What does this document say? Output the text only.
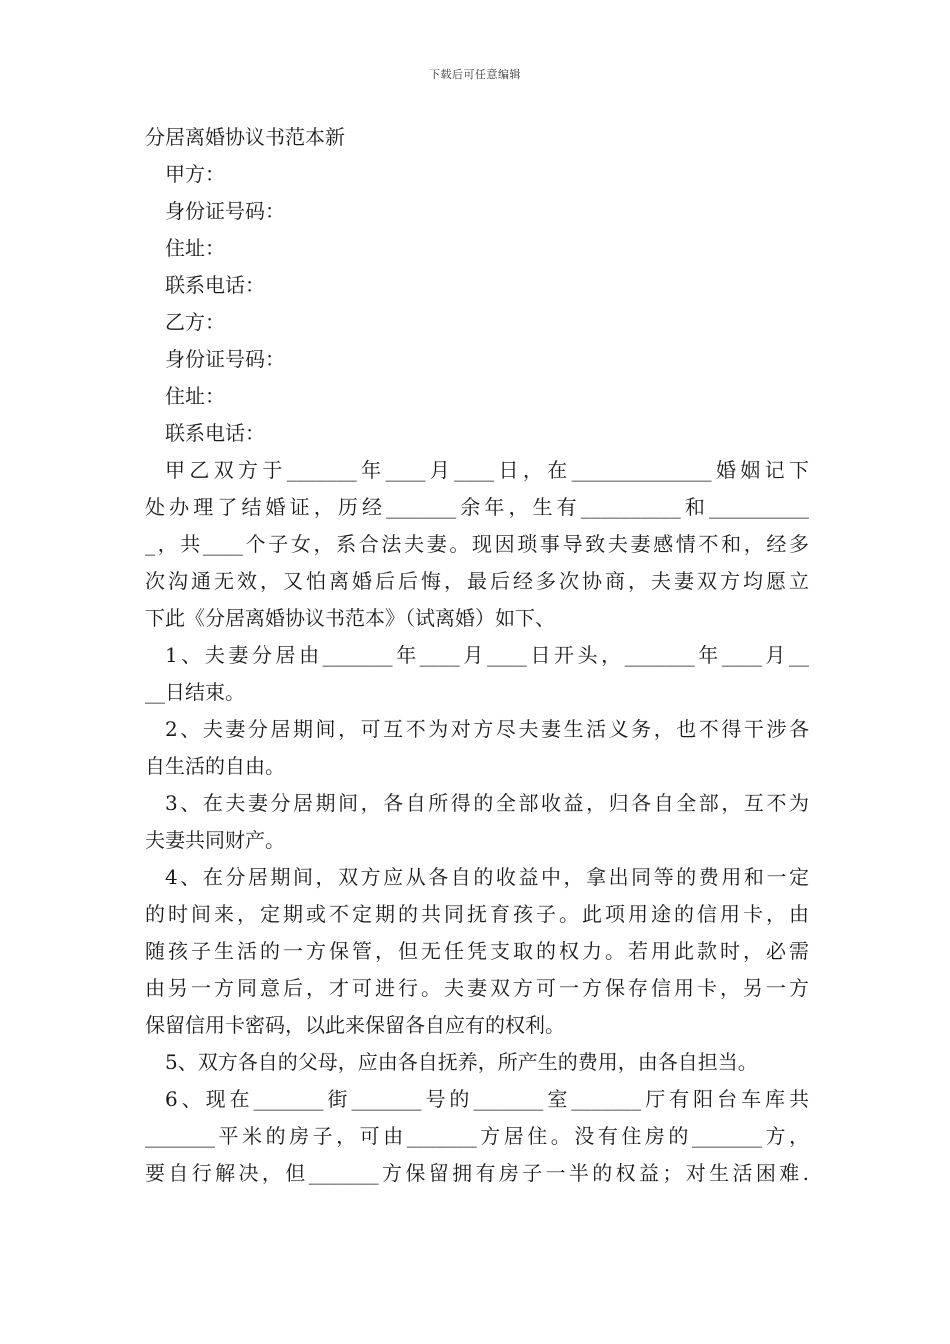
下载后可任意编辑
分居离婚协议书范本新
甲方：
身份证号码：
住址：
联系电话：
乙方：
身份证号码：
住址：
联系电话：
甲乙双方于_______年____月____日，在______________婚姻记下
处办理了结婚证，历经_______余年，生有__________和__________
_，共____个子女，系合法夫妻。现因琐事导致夫妻感情不和，经多
次沟通无效，又怕离婚后后悔，最后经多次协商，夫妻双方均愿立
下此《分居离婚协议书范本》（试离婚）如下、
1、夫妻分居由_______年____月____日开头，_______年____月__
__日结束。
2、夫妻分居期间，可互不为对方尽夫妻生活义务，也不得干涉各
自生活的自由。
3、在夫妻分居期间，各自所得的全部收益，归各自全部，互不为
夫妻共同财产。
4、在分居期间，双方应从各自的收益中，拿出同等的费用和一定
的时间来，定期或不定期的共同抚育孩子。此项用途的信用卡，由
随孩子生活的一方保管，但无任凭支取的权力。若用此款时，必需
由另一方同意后，才可进行。夫妻双方可一方保存信用卡，另一方
保留信用卡密码，以此来保留各自应有的权利。
5、双方各自的父母，应由各自抚养，所产生的费用，由各自担当。
6、现在_______街_______号的_______室_______厅有阳台车库共
_______平米的房子，可由_______方居住。没有住房的_______方，
要自行解决，但_______方保留拥有房子一半的权益；对生活困难.
